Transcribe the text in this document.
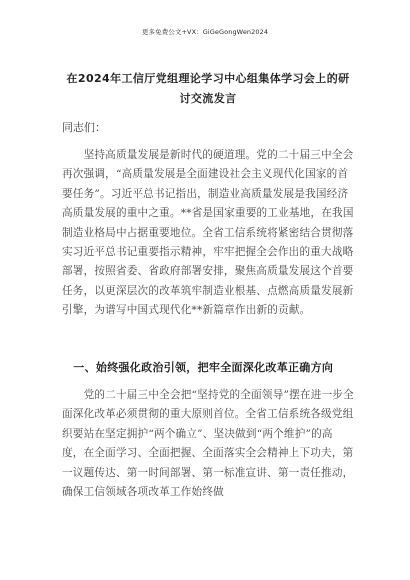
更多免费公文+VX：GiGeGongWen2024
在2024年工信厅党组理论学习中心组集体学习会上的研讨交流发言
同志们：
　　坚持高质量发展是新时代的硬道理。党的二十届三中全会再次强调，“高质量发展是全面建设社会主义现代化国家的首要任务”。习近平总书记指出，制造业高质量发展是我国经济高质量发展的重中之重。**省是国家重要的工业基地，在我国制造业格局中占据重要地位。全省工信系统将紧密结合贯彻落实习近平总书记重要指示精神，牢牢把握全会作出的重大战略部署，按照省委、省政府部署安排，聚焦高质量发展这个首要任务，以更深层次的改革筑牢制造业根基、点燃高质量发展新引擎，为谱写中国式现代化**新篇章作出新的贡献。
　一、始终强化政治引领，把牢全面深化改革正确方向
　　党的二十届三中全会把“坚持党的全面领导”摆在进一步全面深化改革必须贯彻的重大原则首位。全省工信系统各级党组织要站在坚定拥护“两个确立”、坚决做到“两个维护”的高度，在全面学习、全面把握、全面落实全会精神上下功夫，第一议题传达、第一时间部署、第一标准宣讲、第一责任推动，确保工信领域各项改革工作始终做
